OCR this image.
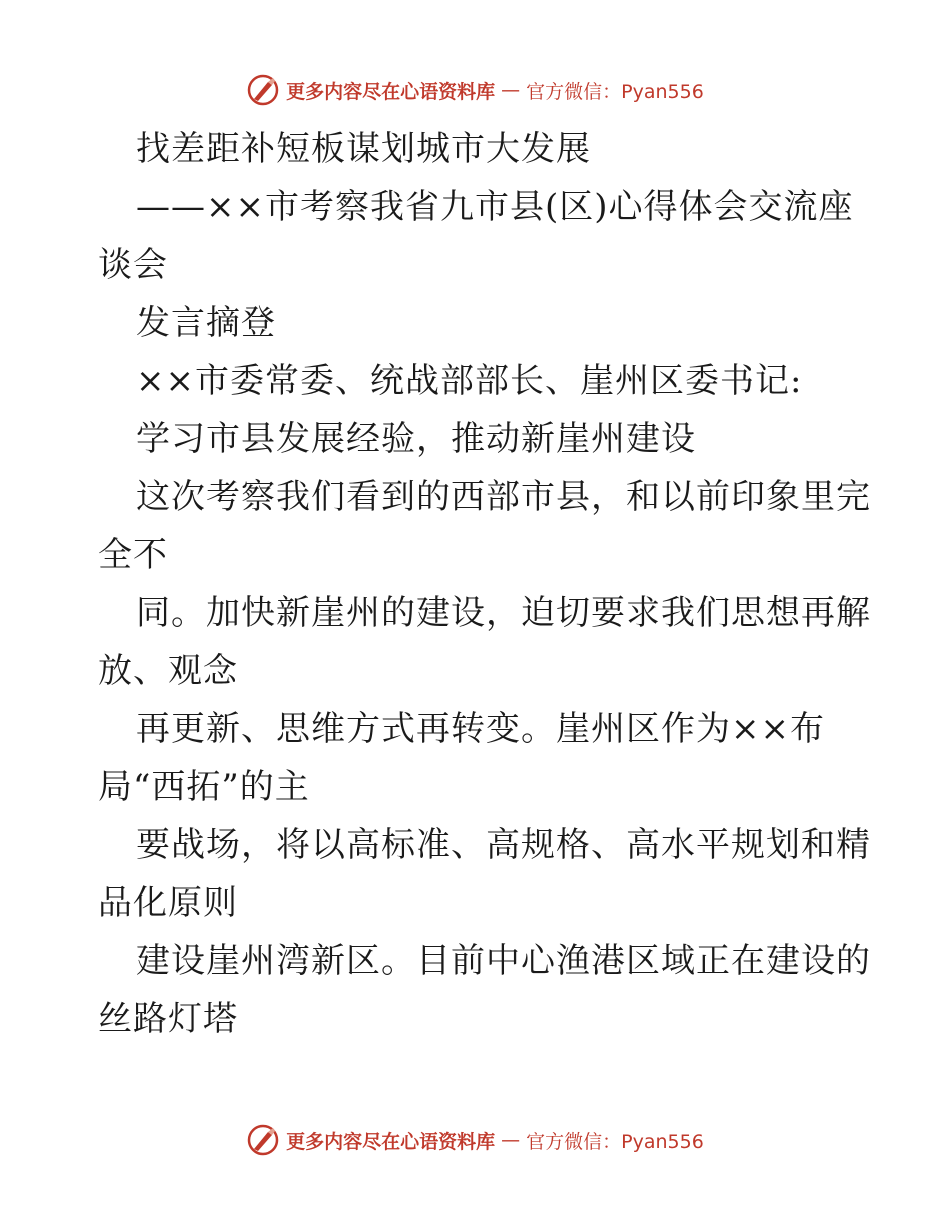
更多内容尽在心语资料库 — 官方微信：Pyan556
找差距补短板谋划城市大发展
——××市考察我省九市县(区)心得体会交流座
谈会
发言摘登
××市委常委、统战部部长、崖州区委书记:
学习市县发展经验，推动新崖州建设
这次考察我们看到的西部市县，和以前印象里完
全不
同。加快新崖州的建设，迫切要求我们思想再解
放、观念
再更新、思维方式再转变。崖州区作为××布
局“西拓”的主
要战场，将以高标准、高规格、高水平规划和精
品化原则
建设崖州湾新区。目前中心渔港区域正在建设的
丝路灯塔
更多内容尽在心语资料库 — 官方微信：Pyan556
